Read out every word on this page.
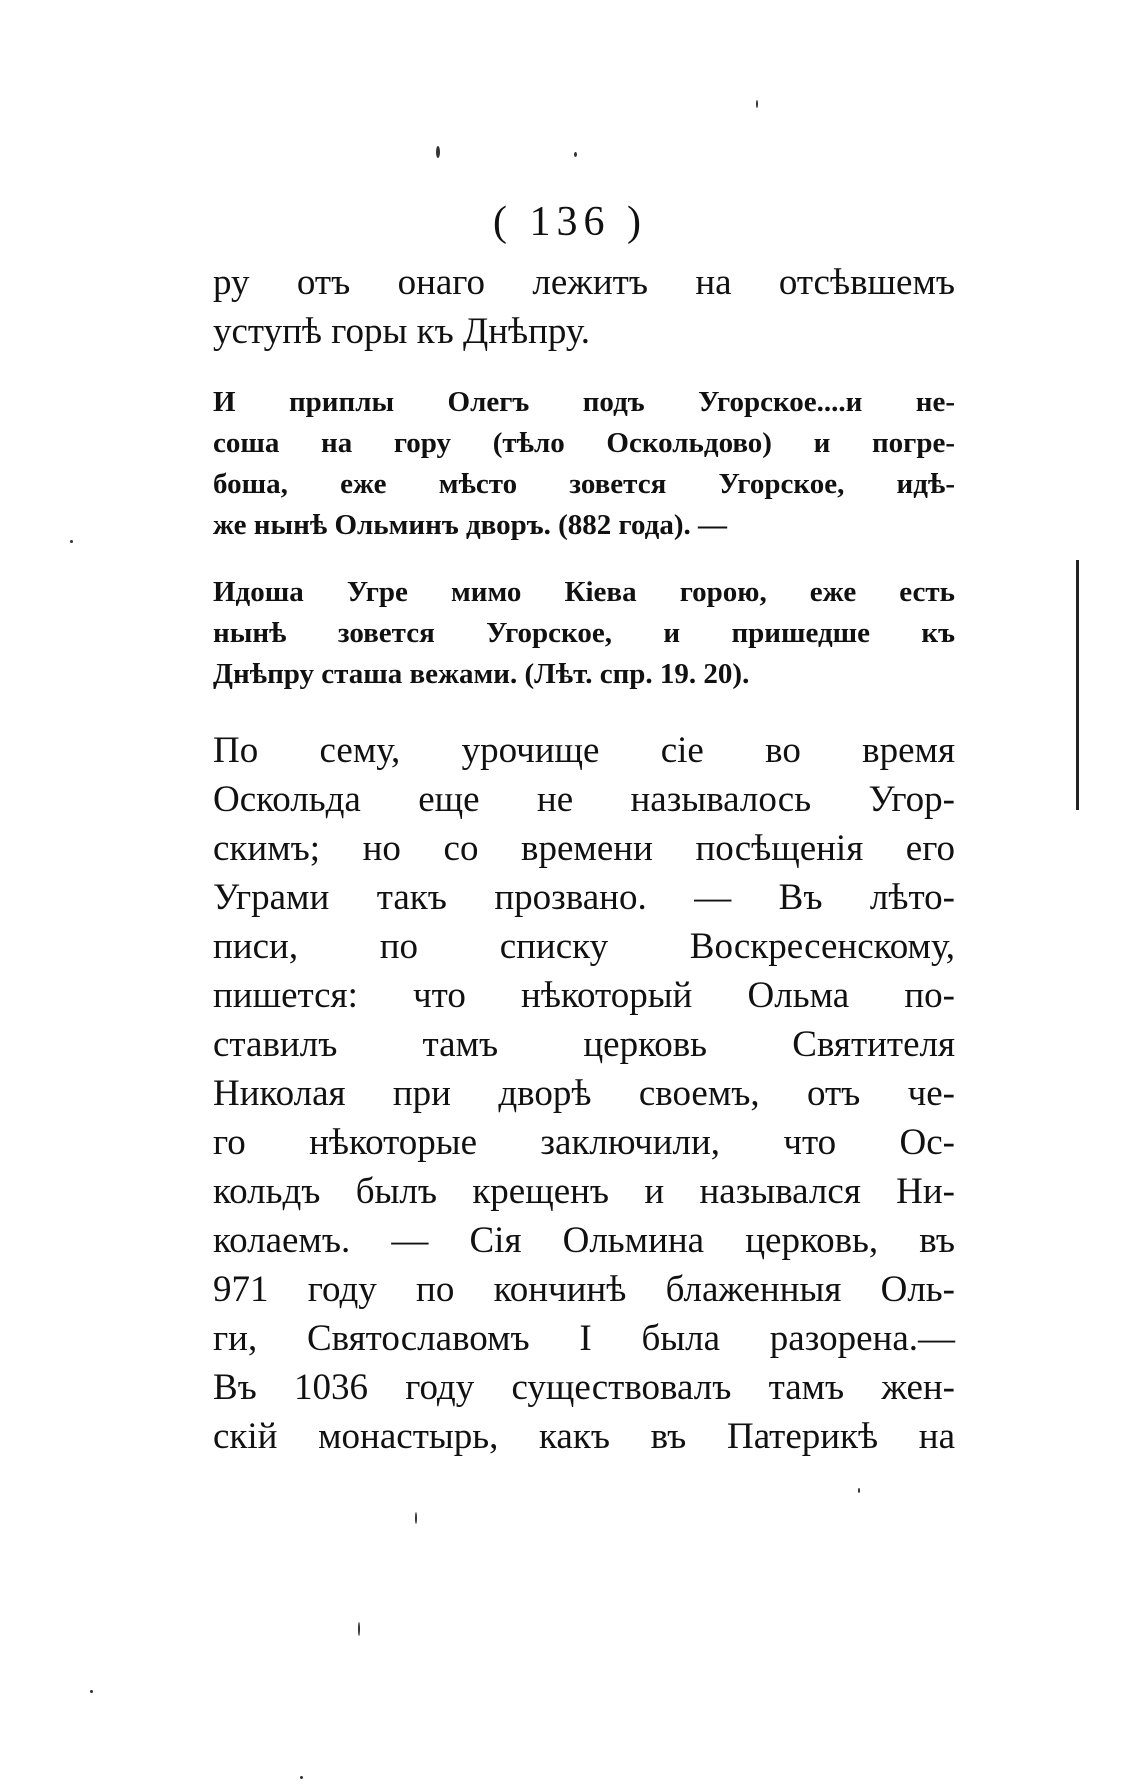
( 136 )
ру отъ онаго лежитъ на отсѣвшемъ
уступѣ горы къ Днѣпру.
И приплы Олегъ подъ Угорское....и не-
соша на гору (тѣло Оскольдово) и погре-
боша, еже мѣсто зовется Угорское, идѣ-
же нынѣ Ольминъ дворъ. (882 года). —
Идоша Угре мимо Кіева горою, еже есть
нынѣ зовется Угорское, и пришедше къ
Днѣпру сташа вежами. (Лѣт. спр. 19. 20).
По сему, урочище сіе во время
Оскольда еще не называлось Угор-
скимъ; но со времени посѣщенія его
Уграми такъ прозвано. — Въ лѣто-
писи, по списку Воскресенскому,
пишется: что нѣкоторый Ольма по-
ставилъ тамъ церковь Святителя
Николая при дворѣ своемъ, отъ че-
го нѣкоторые заключили, что Ос-
кольдъ былъ крещенъ и назывался Ни-
колаемъ. — Сія Ольмина церковь, въ
971 году по кончинѣ блаженныя Оль-
ги, Святославомъ I была разорена.—
Въ 1036 году существовалъ тамъ жен-
скій монастырь, какъ въ Патерикѣ на
